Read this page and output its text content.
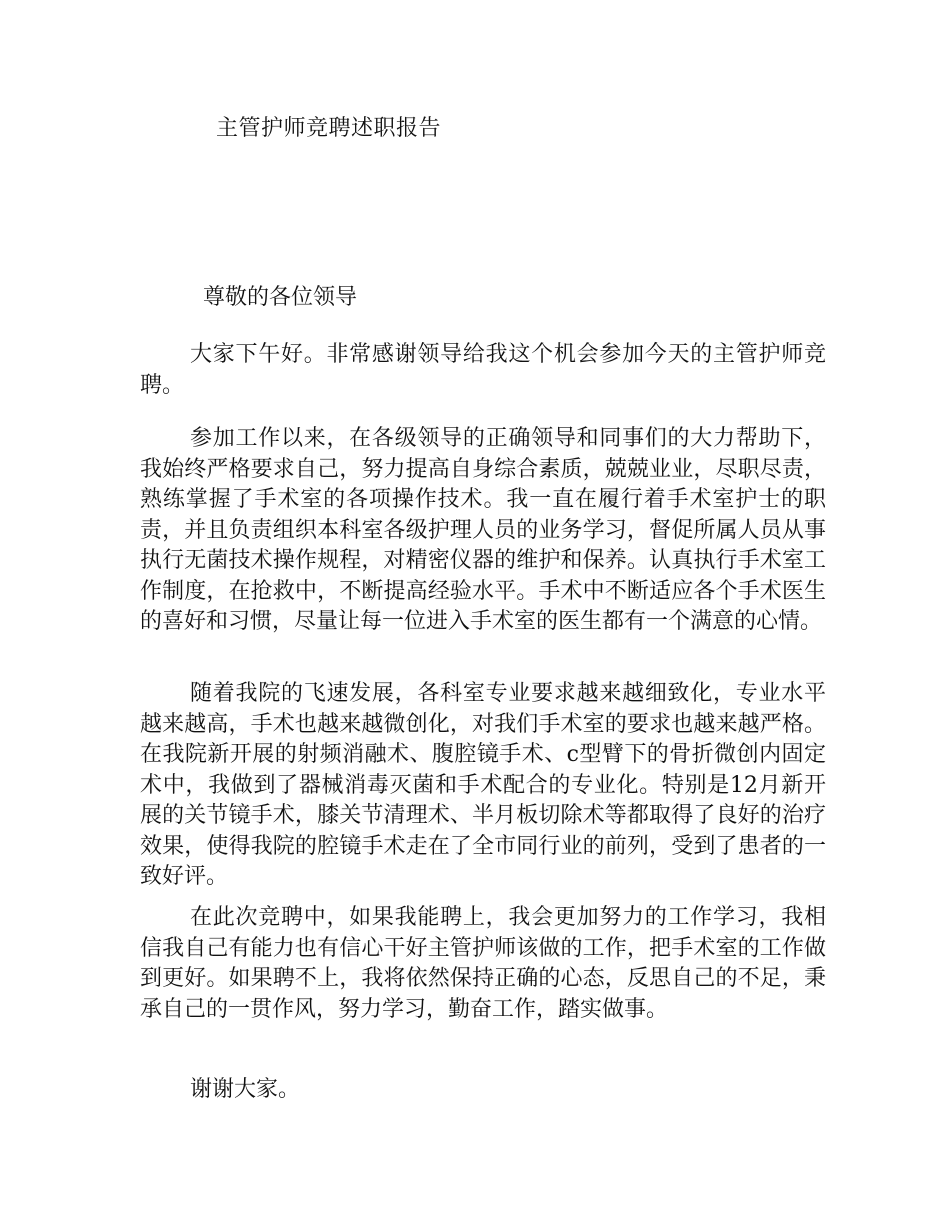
主管护师竞聘述职报告
尊敬的各位领导

大家下午好。非常感谢领导给我这个机会参加今天的主管护师竞聘。

参加工作以来，在各级领导的正确领导和同事们的大力帮助下，我始终严格要求自己，努力提高自身综合素质，兢兢业业，尽职尽责，熟练掌握了手术室的各项操作技术。我一直在履行着手术室护士的职责，并且负责组织本科室各级护理人员的业务学习，督促所属人员从事执行无菌技术操作规程，对精密仪器的维护和保养。认真执行手术室工作制度，在抢救中，不断提高经验水平。手术中不断适应各个手术医生的喜好和习惯，尽量让每一位进入手术室的医生都有一个满意的心情。

随着我院的飞速发展，各科室专业要求越来越细致化，专业水平越来越高，手术也越来越微创化，对我们手术室的要求也越来越严格。在我院新开展的射频消融术、腹腔镜手术、c型臂下的骨折微创内固定术中，我做到了器械消毒灭菌和手术配合的专业化。特别是12月新开展的关节镜手术，膝关节清理术、半月板切除术等都取得了良好的治疗效果，使得我院的腔镜手术走在了全市同行业的前列，受到了患者的一致好评。

在此次竞聘中，如果我能聘上，我会更加努力的工作学习，我相信我自己有能力也有信心干好主管护师该做的工作，把手术室的工作做到更好。如果聘不上，我将依然保持正确的心态，反思自己的不足，秉承自己的一贯作风，努力学习，勤奋工作，踏实做事。

谢谢大家。
